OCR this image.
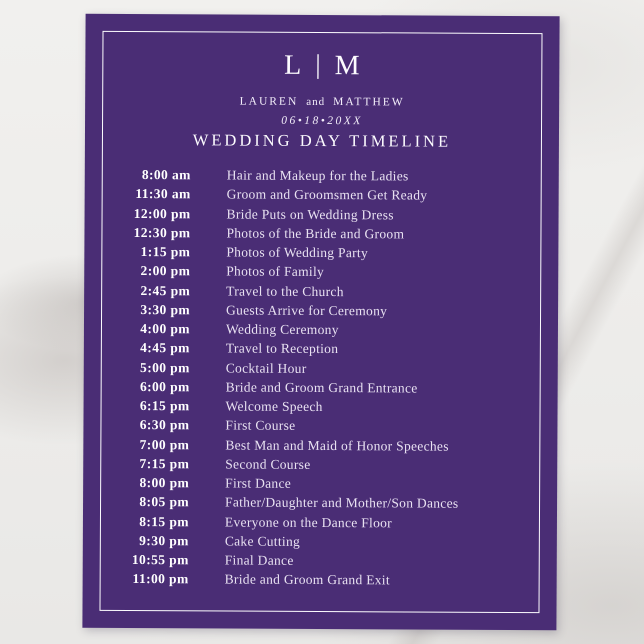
L | M
LAUREN and MATTHEW
06•18•20XX
WEDDING DAY TIMELINE
8:00 am	Hair and Makeup for the Ladies
11:30 am	Groom and Groomsmen Get Ready
12:00 pm	Bride Puts on Wedding Dress
12:30 pm	Photos of the Bride and Groom
1:15 pm	Photos of Wedding Party
2:00 pm	Photos of Family
2:45 pm	Travel to the Church
3:30 pm	Guests Arrive for Ceremony
4:00 pm	Wedding Ceremony
4:45 pm	Travel to Reception
5:00 pm	Cocktail Hour
6:00 pm	Bride and Groom Grand Entrance
6:15 pm	Welcome Speech
6:30 pm	First Course
7:00 pm	Best Man and Maid of Honor Speeches
7:15 pm	Second Course
8:00 pm	First Dance
8:05 pm	Father/Daughter and Mother/Son Dances
8:15 pm	Everyone on the Dance Floor
9:30 pm	Cake Cutting
10:55 pm	Final Dance
11:00 pm	Bride and Groom Grand Exit
